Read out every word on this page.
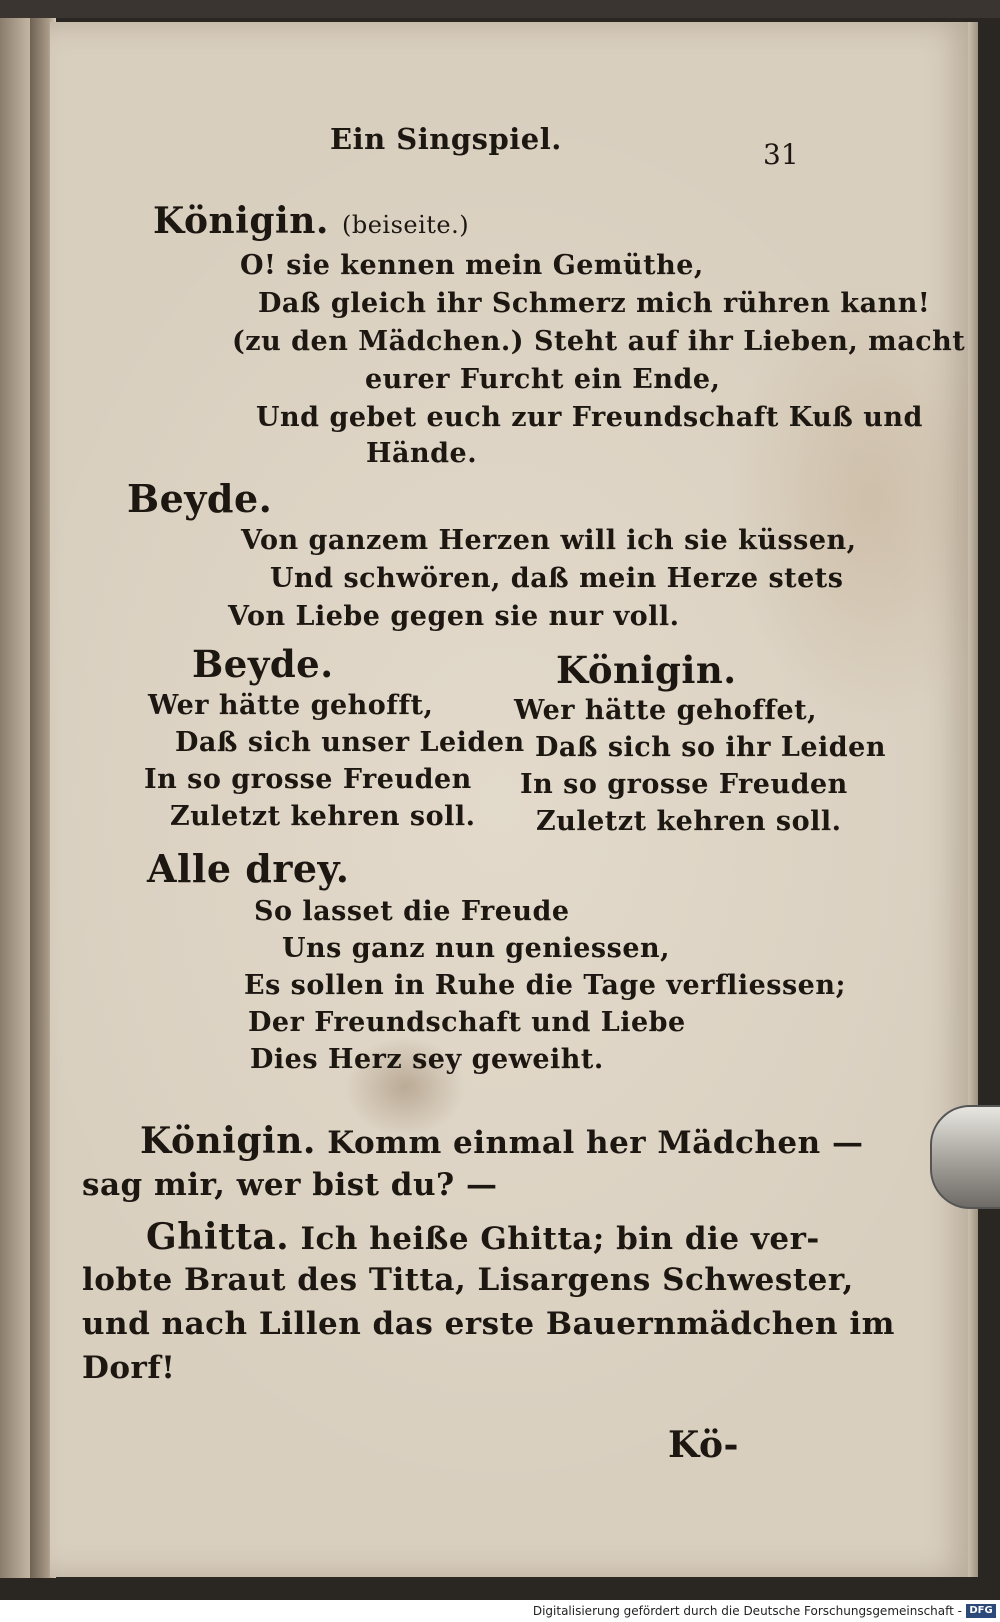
Ein Singspiel.	31
Königin. (beiseite.)
O! sie kennen mein Gemüthe,
Daß gleich ihr Schmerz mich rühren kann!
(zu den Mädchen.) Steht auf ihr Lieben, macht
eurer Furcht ein Ende,
Und gebet euch zur Freundschaft Kuß und
Hände.
Beyde.
Von ganzem Herzen will ich sie küssen,
Und schwören, daß mein Herze stets
Von Liebe gegen sie nur voll.
Beyde.	Königin.
Wer hätte gehofft,
Daß sich unser Leiden
In so grosse Freuden
Zuletzt kehren soll.
Wer hätte gehoffet,
Daß sich so ihr Leiden
In so grosse Freuden
Zuletzt kehren soll.
Alle drey.
So lasset die Freude
Uns ganz nun geniessen,
Es sollen in Ruhe die Tage verfliessen;
Der Freundschaft und Liebe
Dies Herz sey geweiht.
Königin. Komm einmal her Mädchen —
sag mir, wer bist du? —
Ghitta. Ich heiße Ghitta; bin die ver-
lobte Braut des Titta, Lisargens Schwester,
und nach Lillen das erste Bauernmädchen im
Dorf!
Kö-
Digitalisierung gefördert durch die Deutsche Forschungsgemeinschaft - DFG
